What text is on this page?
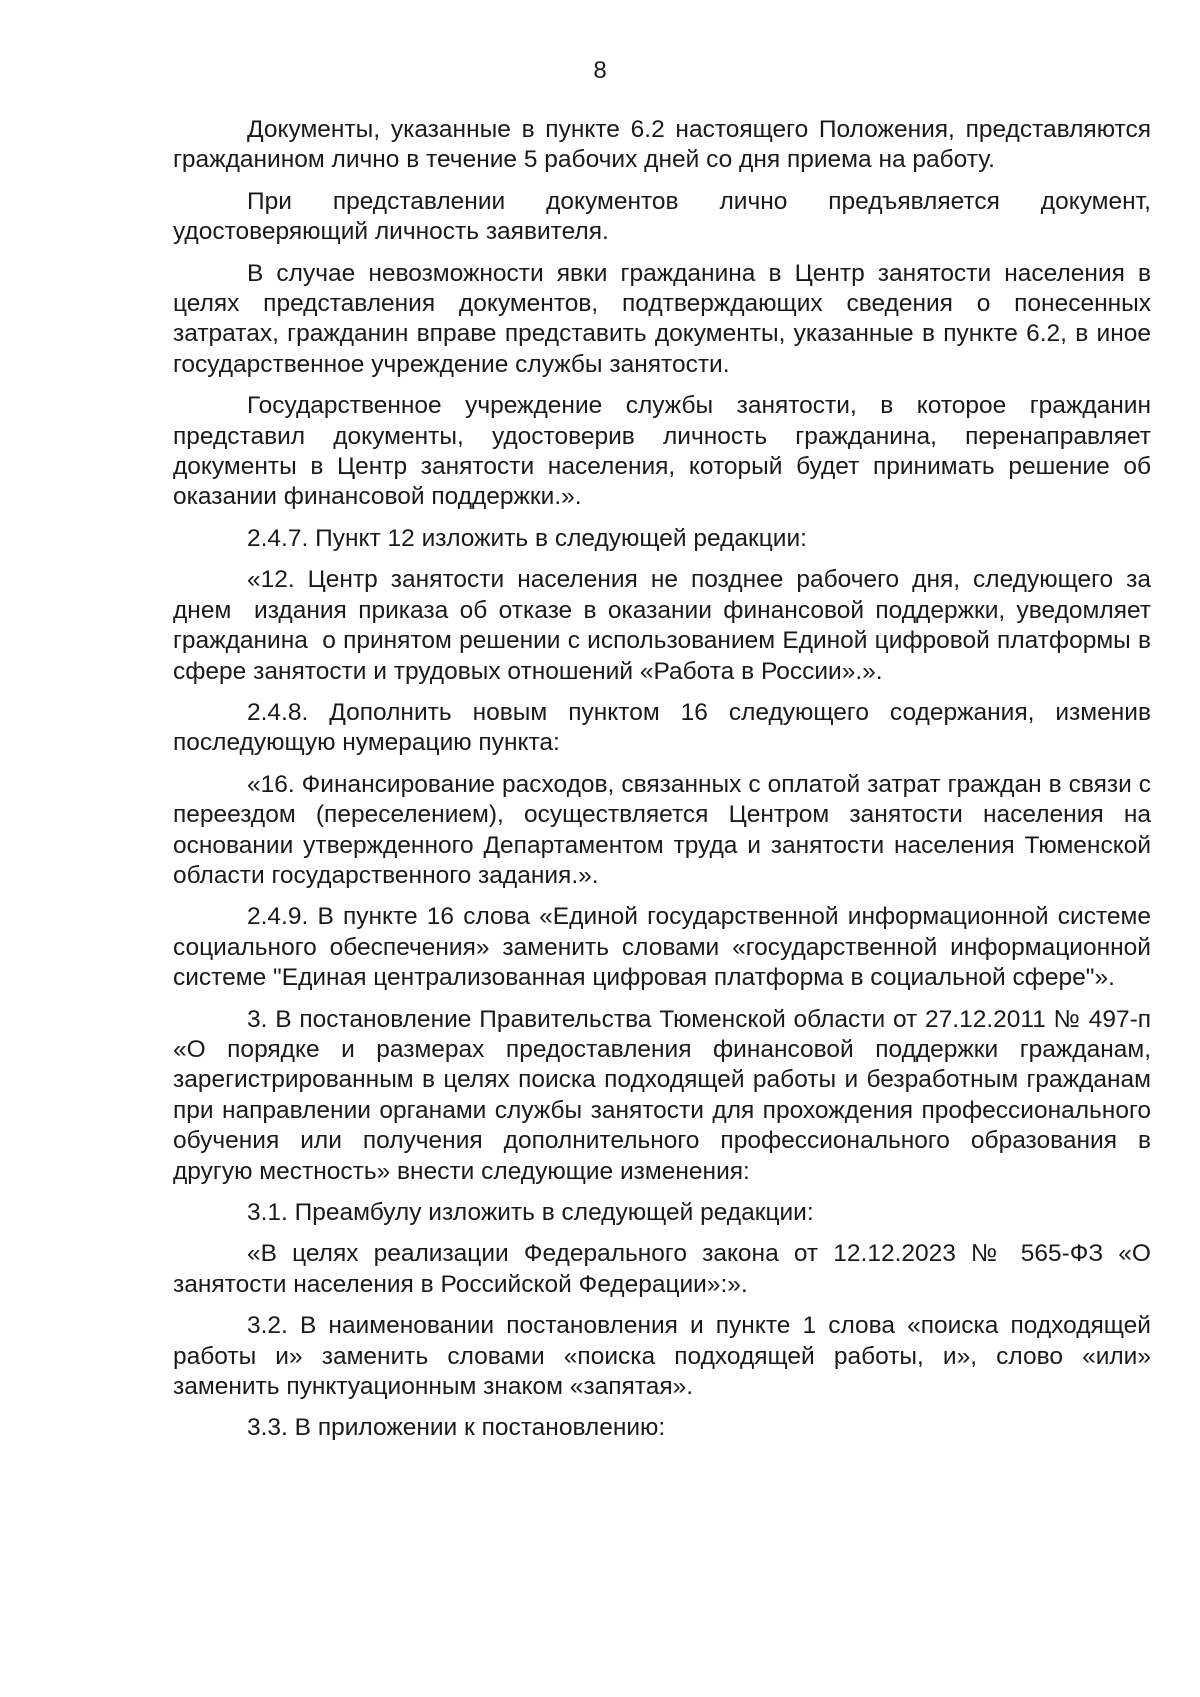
8

Документы, указанные в пункте 6.2 настоящего Положения, представляются гражданином лично в течение 5 рабочих дней со дня приема на работу.

При представлении документов лично предъявляется документ, удостоверяющий личность заявителя.

В случае невозможности явки гражданина в Центр занятости населения в целях представления документов, подтверждающих сведения о понесенных затратах, гражданин вправе представить документы, указанные в пункте 6.2, в иное государственное учреждение службы занятости.

Государственное учреждение службы занятости, в которое гражданин представил документы, удостоверив личность гражданина, перенаправляет документы в Центр занятости населения, который будет принимать решение об оказании финансовой поддержки.».

2.4.7. Пункт 12 изложить в следующей редакции:

«12. Центр занятости населения не позднее рабочего дня, следующего за днем  издания приказа об отказе в оказании финансовой поддержки, уведомляет гражданина  о принятом решении с использованием Единой цифровой платформы в сфере занятости и трудовых отношений «Работа в России».».

2.4.8. Дополнить новым пунктом 16 следующего содержания, изменив последующую нумерацию пункта:

«16. Финансирование расходов, связанных с оплатой затрат граждан в связи с переездом (переселением), осуществляется Центром занятости населения на основании утвержденного Департаментом труда и занятости населения Тюменской области государственного задания.».

2.4.9. В пункте 16 слова «Единой государственной информационной системе социального обеспечения» заменить словами «государственной информационной системе "Единая централизованная цифровая платформа в социальной сфере"».

3. В постановление Правительства Тюменской области от 27.12.2011 № 497-п «О порядке и размерах предоставления финансовой поддержки гражданам, зарегистрированным в целях поиска подходящей работы и безработным гражданам при направлении органами службы занятости для прохождения профессионального обучения или получения дополнительного профессионального образования в другую местность» внести следующие изменения:

3.1. Преамбулу изложить в следующей редакции:

«В целях реализации Федерального закона от 12.12.2023 № 565-ФЗ «О занятости населения в Российской Федерации»:».

3.2. В наименовании постановления и пункте 1 слова «поиска подходящей работы и» заменить словами «поиска подходящей работы, и», слово «или» заменить пунктуационным знаком «запятая».

3.3. В приложении к постановлению:
